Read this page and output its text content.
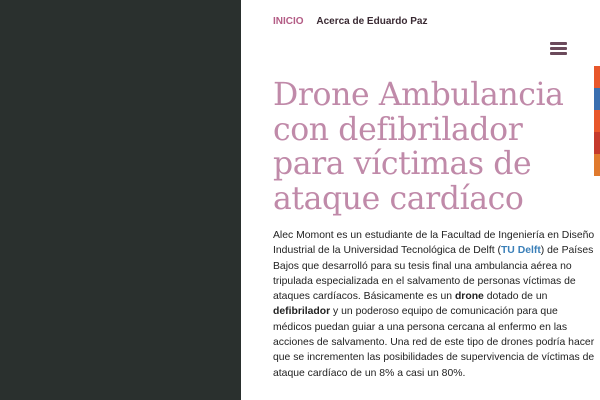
INICIO Acerca de Eduardo Paz
Drone Ambulancia con defibrilador para víctimas de ataque cardíaco

Alec Momont es un estudiante de la Facultad de Ingeniería en Diseño Industrial de la Universidad Tecnológica de Delft (TU Delft) de Países Bajos que desarrolló para su tesis final una ambulancia aérea no tripulada especializada en el salvamento de personas víctimas de ataques cardíacos. Básicamente es un drone dotado de un defibrilador y un poderoso equipo de comunicación para que médicos puedan guiar a una persona cercana al enfermo en las acciones de salvamento. Una red de este tipo de drones podría hacer que se incrementen las posibilidades de supervivencia de víctimas de ataque cardíaco de un 8% a casi un 80%.
